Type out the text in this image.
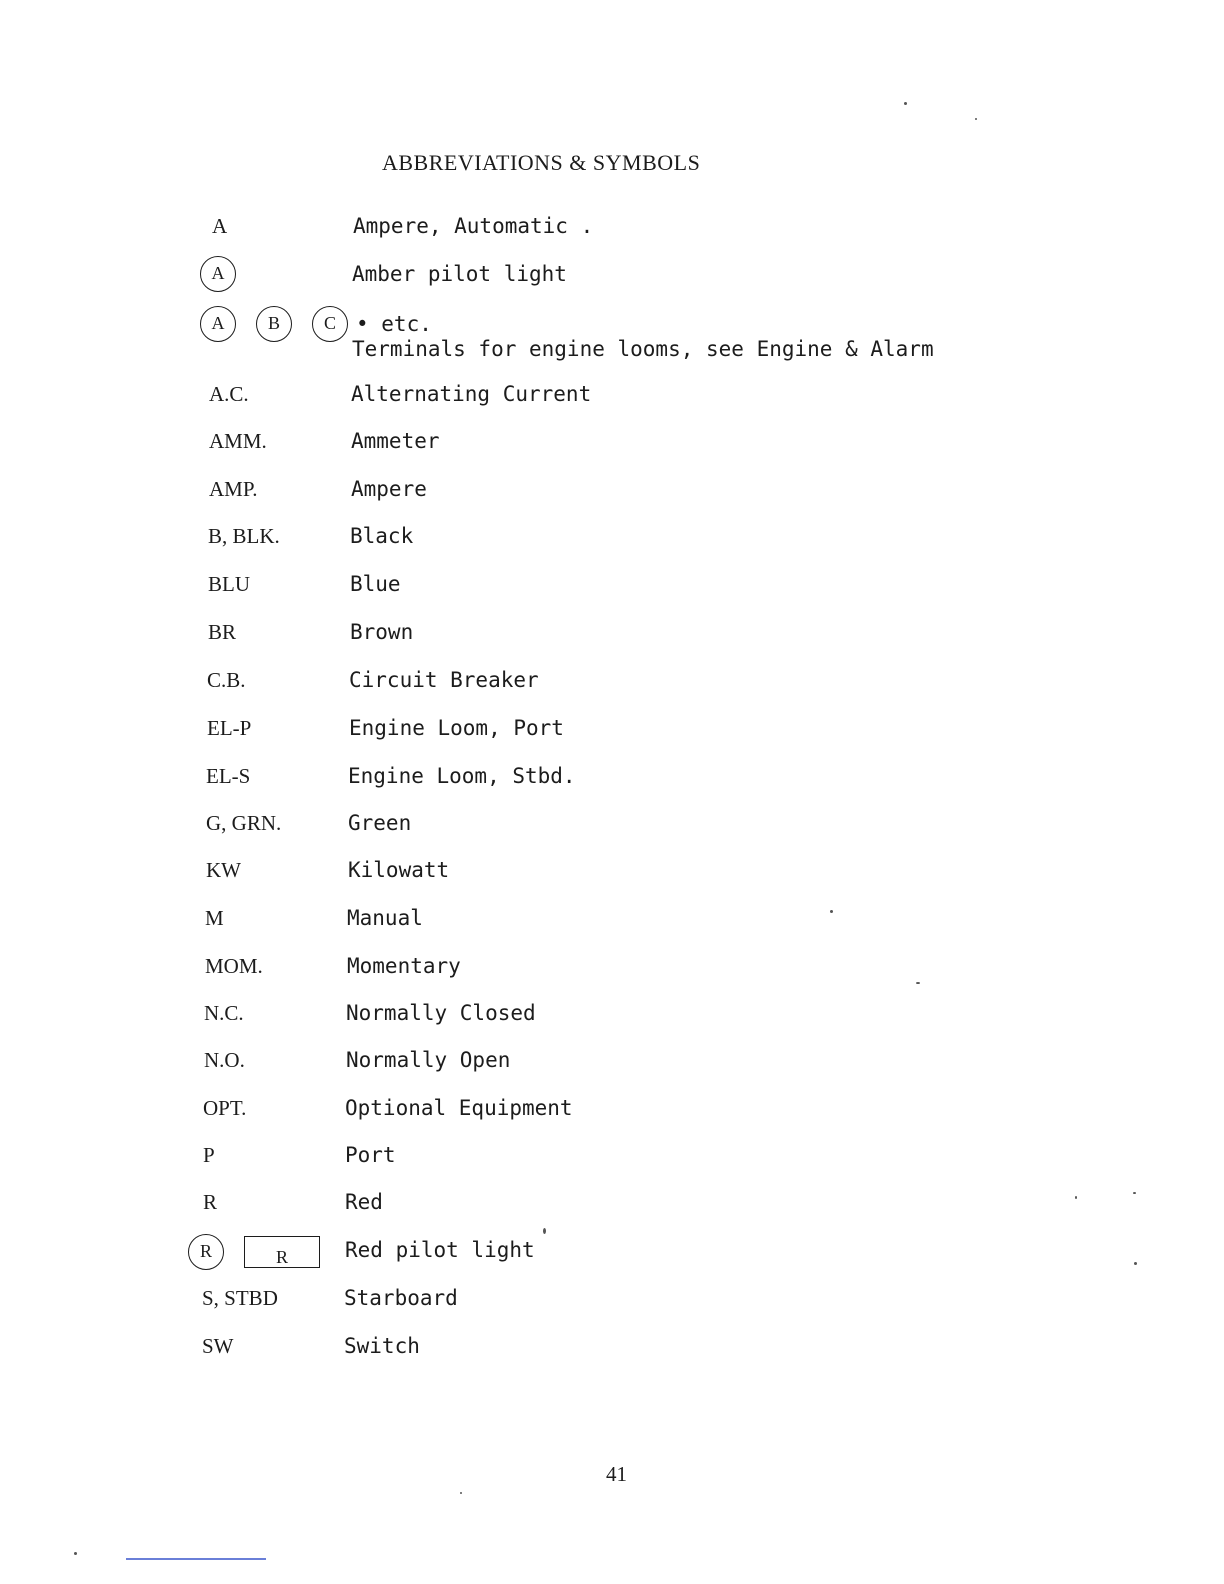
ABBREVIATIONS & SYMBOLS
A	Ampere, Automatic .
A	Amber pilot light
A	B	C • etc.
Terminals for engine looms, see Engine & Alarm
A.C.	Alternating Current
AMM.	Ammeter
AMP.	Ampere
B, BLK.	Black
BLU	Blue
BR	Brown
C.B.	Circuit Breaker
EL-P	Engine Loom, Port
EL-S	Engine Loom, Stbd.
G, GRN.	Green
KW	Kilowatt
M	Manual
MOM.	Momentary
N.C.	Normally Closed
N.O.	Normally Open
OPT.	Optional Equipment
P	Port
R	Red
R	R	Red pilot light
S, STBD	Starboard
SW	Switch
41
